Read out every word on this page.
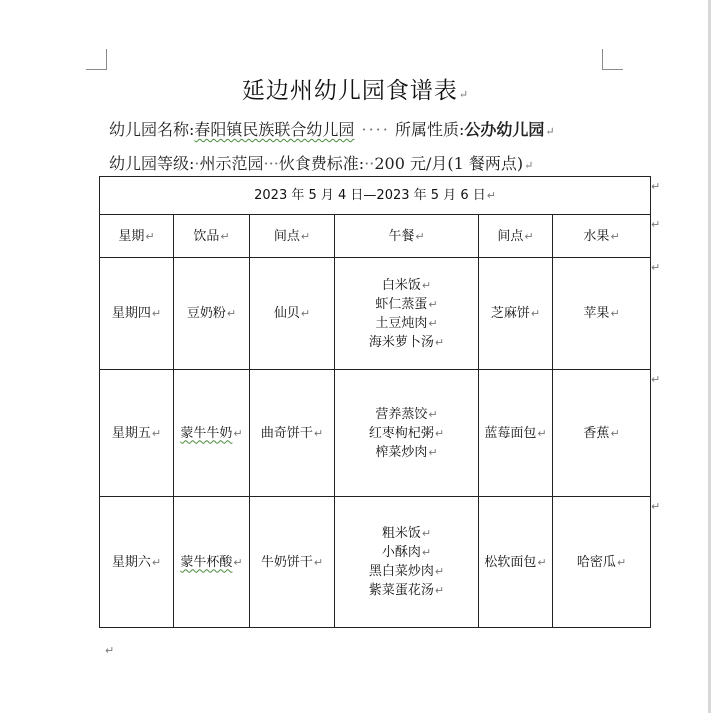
延边州幼儿园食谱表↵
幼儿园名称:春阳镇民族联合幼儿园 ···· 所属性质:公办幼儿园↵
幼儿园等级:·州示范园···伙食费标准:··200 元/月(1 餐两点)↵
2023 年 5 月 4 日—2023 年 5 月 6 日↵					
星期↵	饮品↵	间点↵	午餐↵	间点↵	水果↵
星期四↵	豆奶粉↵	仙贝↵	白米饭↵
虾仁蒸蛋↵
土豆炖肉↵
海米萝卜汤↵	芝麻饼↵	苹果↵
星期五↵	蒙牛牛奶↵	曲奇饼干↵	营养蒸饺↵
红枣枸杞粥↵
榨菜炒肉↵	蓝莓面包↵	香蕉↵
星期六↵	蒙牛杯酸↵	牛奶饼干↵	粗米饭↵
小酥肉↵
黑白菜炒肉↵
紫菜蛋花汤↵	松软面包↵	哈密瓜↵
↵
↵
↵
↵
↵
↵
